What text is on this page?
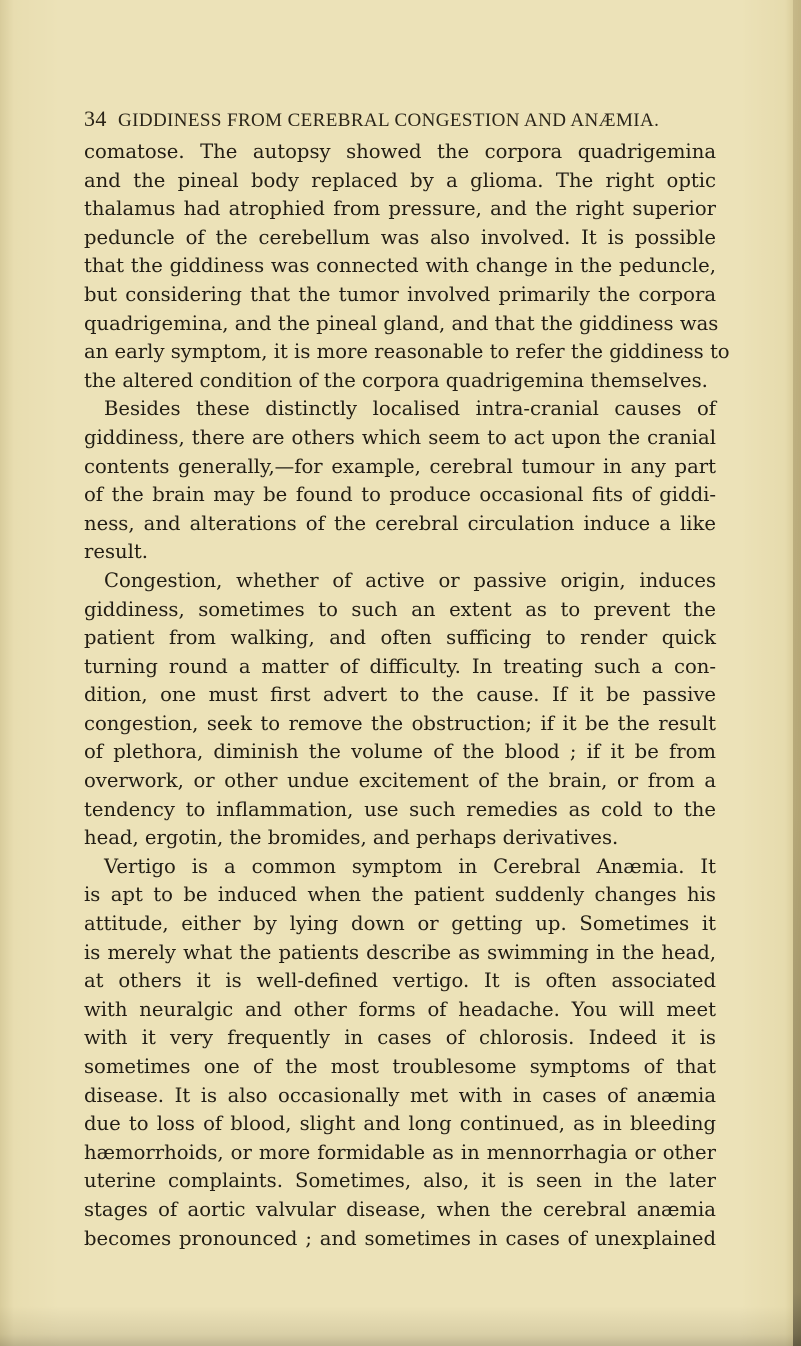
34 GIDDINESS FROM CEREBRAL CONGESTION AND ANÆMIA.
comatose. The autopsy showed the corpora quadrigemina
and the pineal body replaced by a glioma. The right optic
thalamus had atrophied from pressure, and the right superior
peduncle of the cerebellum was also involved. It is possible
that the giddiness was connected with change in the peduncle,
but considering that the tumor involved primarily the corpora
quadrigemina, and the pineal gland, and that the giddiness was
an early symptom, it is more reasonable to refer the giddiness to
the altered condition of the corpora quadrigemina themselves.
Besides these distinctly localised intra-cranial causes of
giddiness, there are others which seem to act upon the cranial
contents generally,—for example, cerebral tumour in any part
of the brain may be found to produce occasional fits of giddi-
ness, and alterations of the cerebral circulation induce a like
result.
Congestion, whether of active or passive origin, induces
giddiness, sometimes to such an extent as to prevent the
patient from walking, and often sufficing to render quick
turning round a matter of difficulty. In treating such a con-
dition, one must first advert to the cause. If it be passive
congestion, seek to remove the obstruction; if it be the result
of plethora, diminish the volume of the blood ; if it be from
overwork, or other undue excitement of the brain, or from a
tendency to inflammation, use such remedies as cold to the
head, ergotin, the bromides, and perhaps derivatives.
Vertigo is a common symptom in Cerebral Anæmia. It
is apt to be induced when the patient suddenly changes his
attitude, either by lying down or getting up. Sometimes it
is merely what the patients describe as swimming in the head,
at others it is well-defined vertigo. It is often associated
with neuralgic and other forms of headache. You will meet
with it very frequently in cases of chlorosis. Indeed it is
sometimes one of the most troublesome symptoms of that
disease. It is also occasionally met with in cases of anæmia
due to loss of blood, slight and long continued, as in bleeding
hæmorrhoids, or more formidable as in mennorrhagia or other
uterine complaints. Sometimes, also, it is seen in the later
stages of aortic valvular disease, when the cerebral anæmia
becomes pronounced ; and sometimes in cases of unexplained
